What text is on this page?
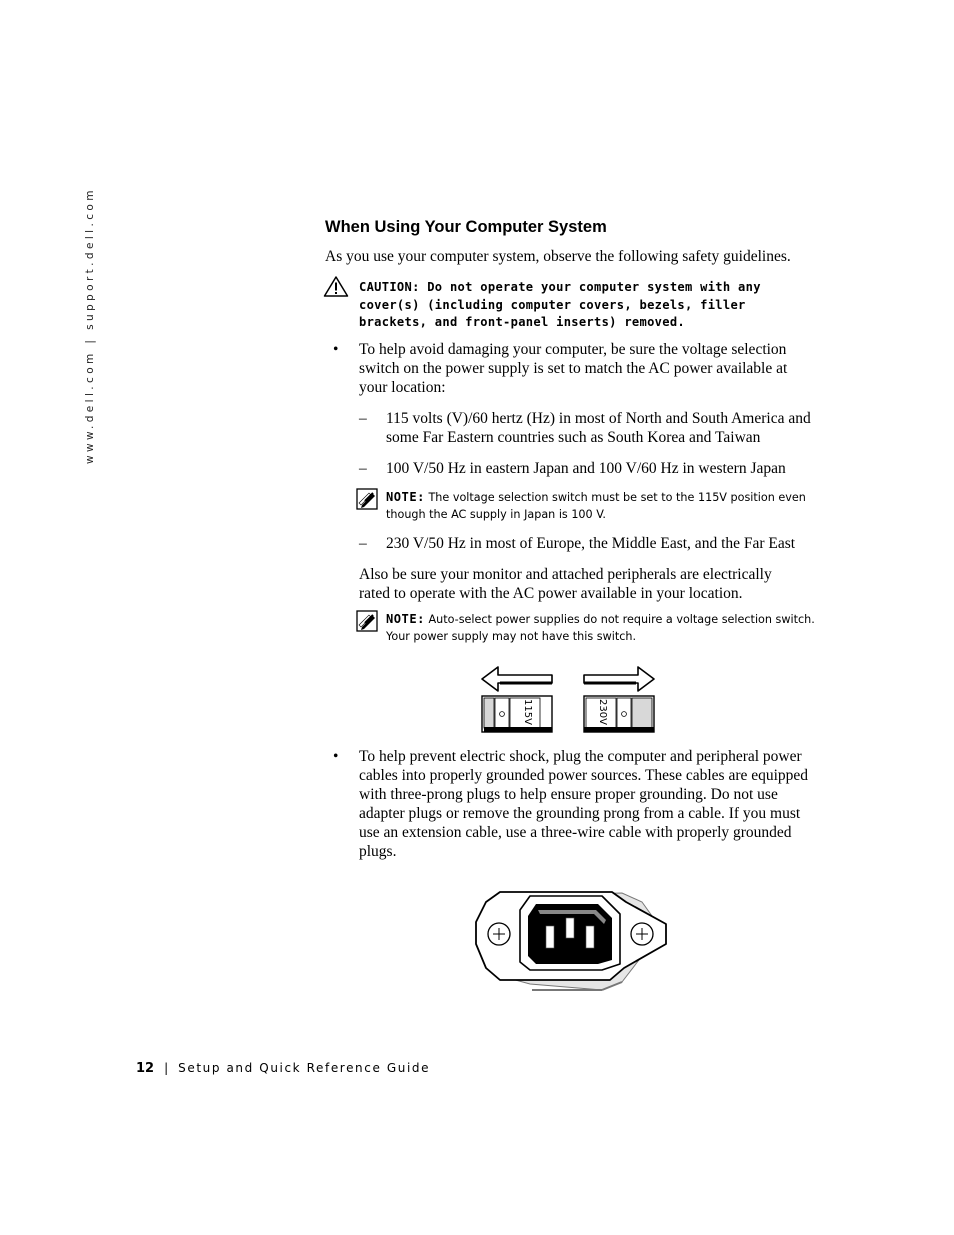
www.dell.com | support.dell.com	When Using Your Computer System
As you use your computer system, observe the following safety guidelines.
CAUTION: Do not operate your computer system with any cover(s) (including computer covers, bezels, filler brackets, and front-panel inserts) removed.
• To help avoid damaging your computer, be sure the voltage selection switch on the power supply is set to match the AC power available at your location:
– 115 volts (V)/60 hertz (Hz) in most of North and South America and some Far Eastern countries such as South Korea and Taiwan
– 100 V/50 Hz in eastern Japan and 100 V/60 Hz in western Japan
NOTE: The voltage selection switch must be set to the 115V position even though the AC supply in Japan is 100 V.
– 230 V/50 Hz in most of Europe, the Middle East, and the Far East
Also be sure your monitor and attached peripherals are electrically rated to operate with the AC power available in your location.
NOTE: Auto-select power supplies do not require a voltage selection switch. Your power supply may not have this switch.
115V	230V
• To help prevent electric shock, plug the computer and peripheral power cables into properly grounded power sources. These cables are equipped with three-prong plugs to help ensure proper grounding. Do not use adapter plugs or remove the grounding prong from a cable. If you must use an extension cable, use a three-wire cable with properly grounded plugs.
12 | Setup and Quick Reference Guide
